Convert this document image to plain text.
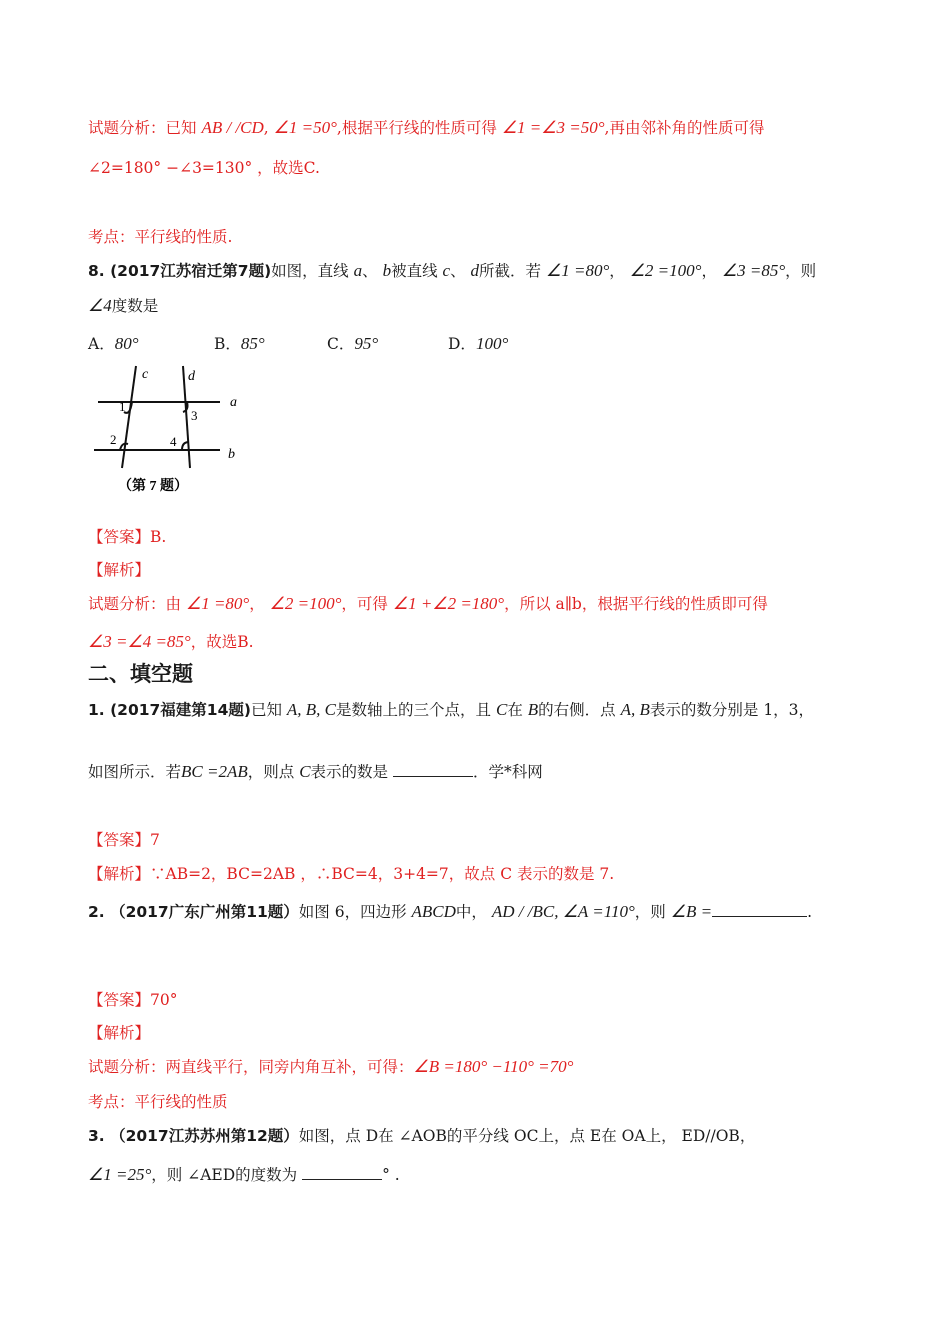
试题分析：已知 AB / /CD, ∠1 =50°,根据平行线的性质可得 ∠1 =∠3 =50°,再由邻补角的性质可得
∠2=180° −∠3=130° ，故选C.
考点：平行线的性质.
8. (2017江苏宿迁第7题)如图，直线 a、 b被直线 c、 d所截．若 ∠1 =80°， ∠2 =100°， ∠3 =85°，则
∠4度数是
A．80°	B．85°	C．95°	D．100°
c	d
a
b
1
3
2	4
（第 7 题）
【答案】B.
【解析】
试题分析：由 ∠1 =80°， ∠2 =100°，可得 ∠1 +∠2 =180°，所以 a∥b，根据平行线的性质即可得
∠3 =∠4 =85°，故选B.
二、填空题
1. (2017福建第14题)已知 A, B, C是数轴上的三个点，且 C在 B的右侧．点 A, B表示的数分别是 1，3，
如图所示．若BC =2AB，则点 C表示的数是	．学*科网
【答案】7
【解析】∵AB=2，BC=2AB ，∴BC=4，3+4=7，故点 C 表示的数是 7.
2. （2017广东广州第11题）如图 6，四边形 ABCD中， AD / /BC, ∠A =110°，则 ∠B =	.
【答案】70°
【解析】
试题分析：两直线平行，同旁内角互补，可得：∠B =180° −110° =70°
考点：平行线的性质
3. （2017江苏苏州第12题）如图，点 D在 ∠AOB的平分线 OC上，点 E在 OA上， ED//OB，
∠1 =25°，则 ∠AED的度数为	° .
